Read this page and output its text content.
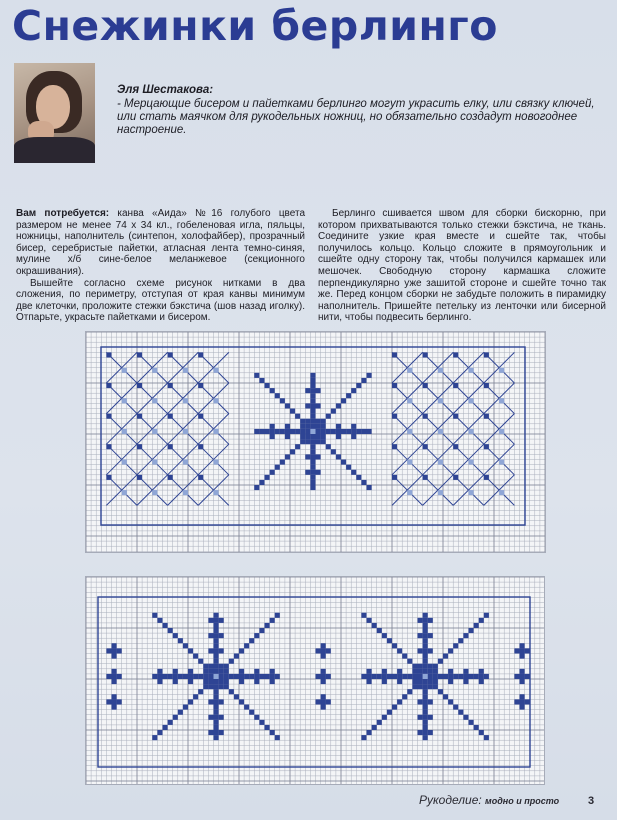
Снежинки берлинго
Эля Шестакова:
- Мерцающие бисером и пайетками берлинго могут украсить елку, или связку ключей, или стать маячком для рукодельных ножниц, но обязательно создадут новогоднее настроение.

Вам потребуется: канва «Аида» №16 голубого цвета размером не менее 74 x 34 кл., гобеленовая игла, пяльцы, ножницы, наполнитель (синтепон, холофайбер), прозрачный бисер, серебристые пайетки, атласная лента темно-синяя, мулине х/б сине-белое меланжевое (секционного окрашивания).

Вышейте согласно схеме рисунок нитками в два сложения, по периметру, отступая от края канвы минимум две клеточки, проложите стежки бэкстича (шов назад иголку). Отпарьте, украсьте пайетками и бисером.

Берлинго сшивается швом для сборки бискорню, при котором прихватываются только стежки бэкстича, не ткань. Соедините узкие края вместе и сшейте так, чтобы получилось кольцо. Кольцо сложите в прямоугольник и сшейте одну сторону так, чтобы получился кармашек или мешочек. Свободную сторону кармашка сложите перпендикулярно уже зашитой стороне и сшейте точно так же. Перед концом сборки не забудьте положить в пирамидку наполнитель. Пришейте петельку из ленточки или бисерной нити, чтобы подвесить берлинго.

Рукоделие: модно и просто	3
